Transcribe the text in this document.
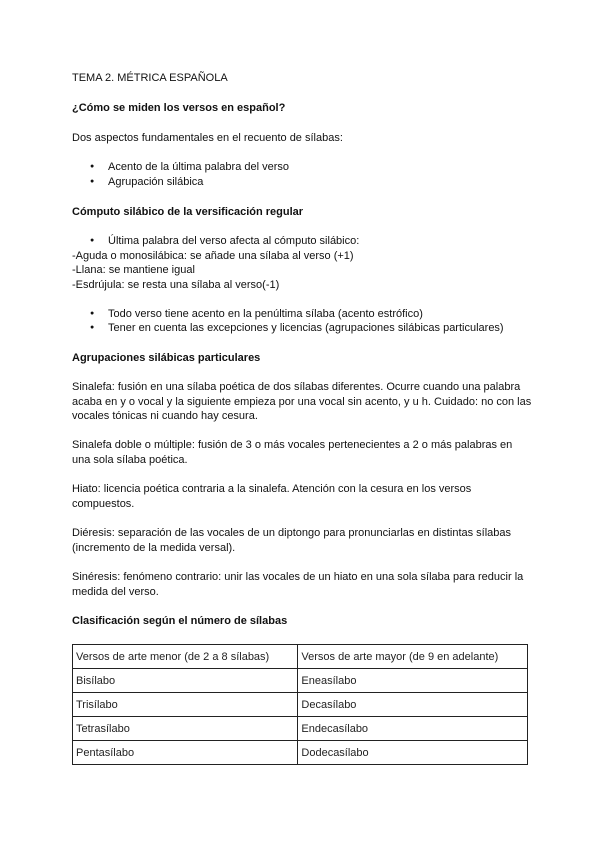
TEMA 2. MÉTRICA ESPAÑOLA
¿Cómo se miden los versos en español?
Dos aspectos fundamentales en el recuento de sílabas:
● Acento de la última palabra del verso
● Agrupación silábica
Cómputo silábico de la versificación regular
● Última palabra del verso afecta al cómputo silábico:
-Aguda o monosilábica: se añade una sílaba al verso (+1)
-Llana: se mantiene igual
-Esdrújula: se resta una sílaba al verso(-1)
● Todo verso tiene acento en la penúltima sílaba (acento estrófico)
● Tener en cuenta las excepciones y licencias (agrupaciones silábicas particulares)
Agrupaciones silábicas particulares

Sinalefa: fusión en una sílaba poética de dos sílabas diferentes. Ocurre cuando una palabra acaba en y o vocal y la siguiente empieza por una vocal sin acento, y u h. Cuidado: no con las vocales tónicas ni cuando hay cesura.

Sinalefa doble o múltiple: fusión de 3 o más vocales pertenecientes a 2 o más palabras en una sola sílaba poética.

Hiato: licencia poética contraria a la sinalefa. Atención con la cesura en los versos compuestos.

Diéresis: separación de las vocales de un diptongo para pronunciarlas en distintas sílabas (incremento de la medida versal).

Sinéresis: fenómeno contrario: unir las vocales de un hiato en una sola sílaba para reducir la medida del verso.

Clasificación según el número de sílabas
Versos de arte menor (de 2 a 8 sílabas)	Versos de arte mayor (de 9 en adelante)
Bisílabo	Eneasílabo
Trisílabo	Decasílabo
Tetrasílabo	Endecasílabo
Pentasílabo	Dodecasílabo
